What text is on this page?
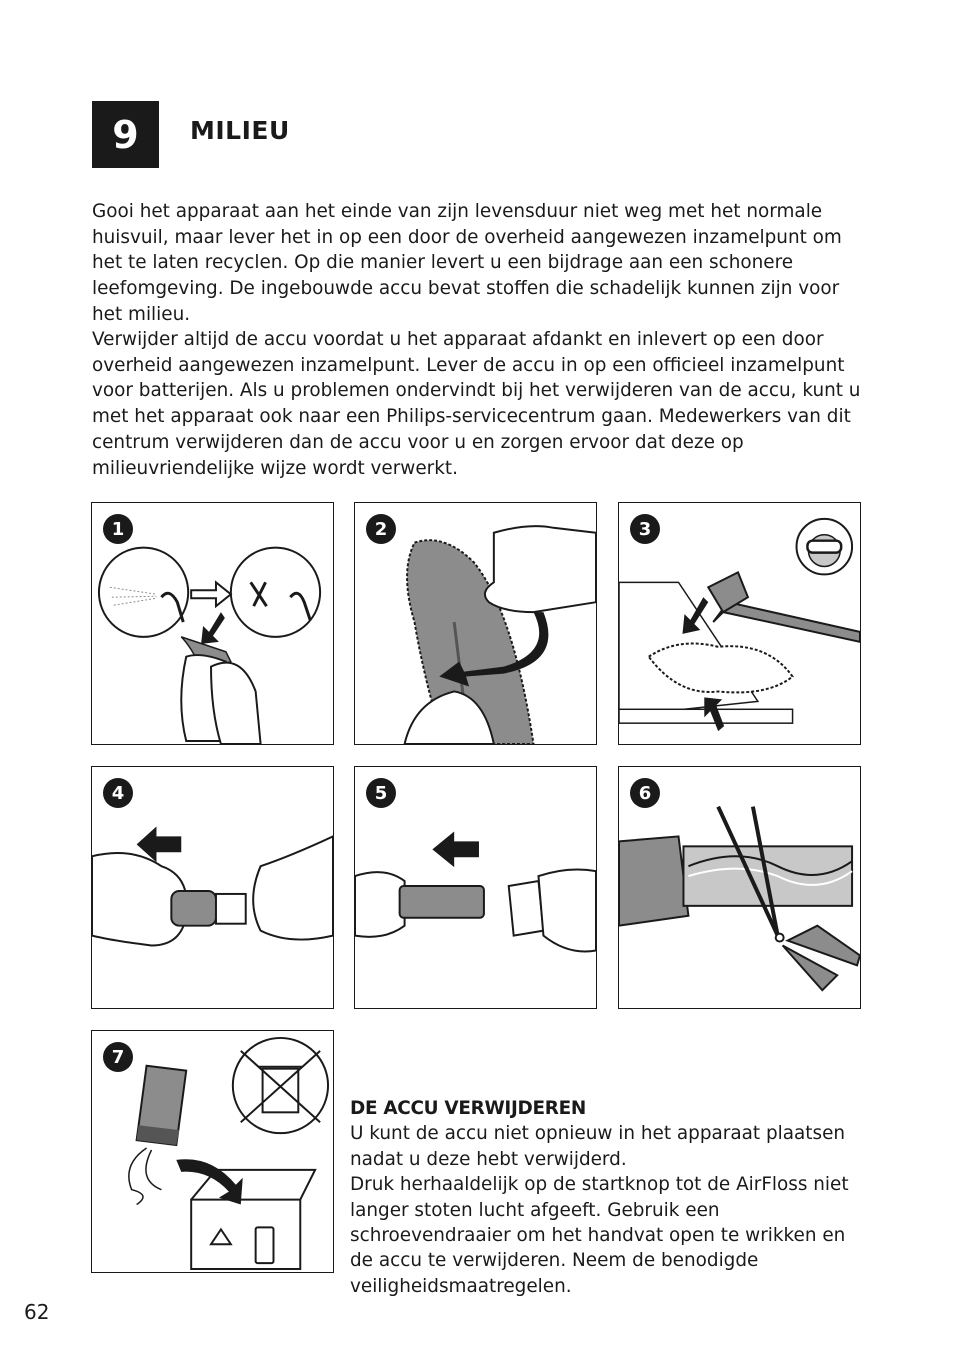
9	MILIEU

Gooi het apparaat aan het einde van zijn levensduur niet weg met het normale huisvuil, maar lever het in op een door de overheid aangewezen inzamelpunt om het te laten recyclen. Op die manier levert u een bijdrage aan een schonere leefomgeving. De ingebouwde accu bevat stoffen die schadelijk kunnen zijn voor het milieu.

Verwijder altijd de accu voordat u het apparaat afdankt en inlevert op een door overheid aangewezen inzamelpunt. Lever de accu in op een officieel inzamelpunt voor batterijen. Als u problemen ondervindt bij het verwijderen van de accu, kunt u met het apparaat ook naar een Philips-servicecentrum gaan. Medewerkers van dit centrum verwijderen dan de accu voor u en zorgen ervoor dat deze op milieuvriendelijke wijze wordt verwerkt.

1	2	3
4	5	6
7
DE ACCU VERWIJDEREN

U kunt de accu niet opnieuw in het apparaat plaatsen nadat u deze hebt verwijderd.

Druk herhaaldelijk op de startknop tot de AirFloss niet langer stoten lucht afgeeft. Gebruik een schroevendraaier om het handvat open te wrikken en de accu te verwijderen. Neem de benodigde veiligheidsmaatregelen.

62
